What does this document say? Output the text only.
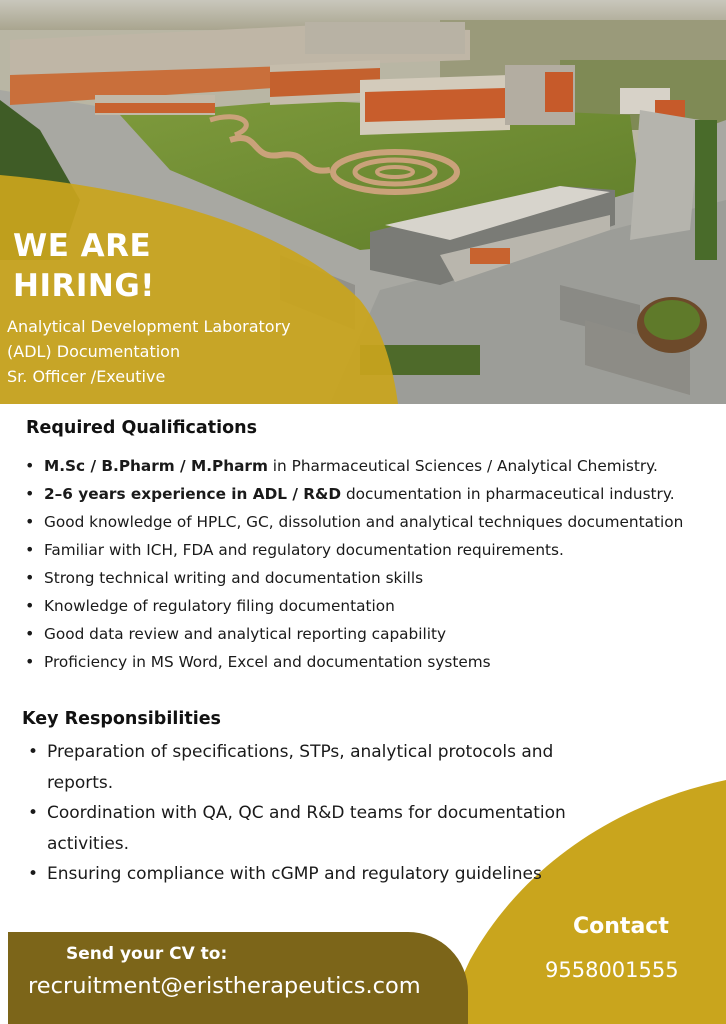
WE ARE
HIRING!
Analytical Development Laboratory
(ADL) Documentation
Sr. Officer /Exeutive
Required Qualifications
• M.Sc / B.Pharm / M.Pharm in Pharmaceutical Sciences / Analytical Chemistry.
• 2–6 years experience in ADL / R&D documentation in pharmaceutical industry.
• Good knowledge of HPLC, GC, dissolution and analytical techniques documentation
• Familiar with ICH, FDA and regulatory documentation requirements.
• Strong technical writing and documentation skills
• Knowledge of regulatory filing documentation
• Good data review and analytical reporting capability
• Proficiency in MS Word, Excel and documentation systems
Key Responsibilities
• Preparation of specifications, STPs, analytical protocols and reports.
• Coordination with QA, QC and R&D teams for documentation activities.
• Ensuring compliance with cGMP and regulatory guidelines
Send your CV to:
recruitment@eristherapeutics.com
Contact
9558001555
